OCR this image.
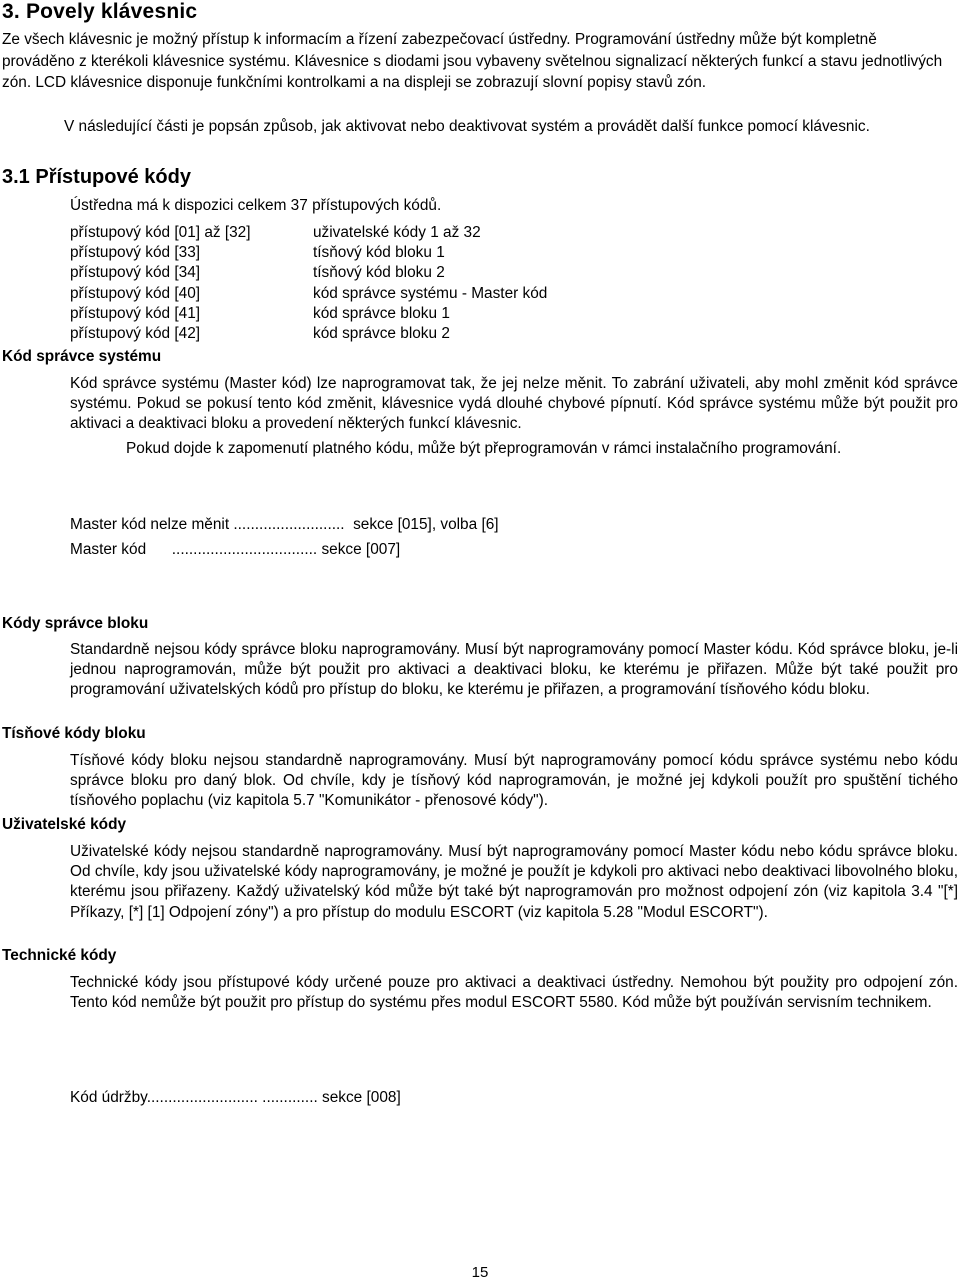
3. Povely klávesnic

Ze všech klávesnic je možný přístup k informacím a řízení zabezpečovací ústředny. Programování ústředny může být kompletně prováděno z kterékoli klávesnice systému. Klávesnice s diodami jsou vybaveny světelnou signalizací některých funkcí a stavu jednotlivých zón. LCD klávesnice disponuje funkčními kontrolkami a na displeji se zobrazují slovní popisy stavů zón.

V následující části je popsán způsob, jak aktivovat nebo deaktivovat systém a provádět další funkce pomocí klávesnic.

3.1 Přístupové kódy
Ústředna má k dispozici celkem 37 přístupových kódů.
přístupový kód [01] až [32]	uživatelské kódy 1 až 32
přístupový kód [33]	tísňový kód bloku 1
přístupový kód [34]	tísňový kód bloku 2
přístupový kód [40]	kód správce systému - Master kód
přístupový kód [41]	kód správce bloku 1
přístupový kód [42]	kód správce bloku 2
Kód správce systému

Kód správce systému (Master kód) lze naprogramovat tak, že jej nelze měnit. To zabrání uživateli, aby mohl změnit kód správce systému. Pokud se pokusí tento kód změnit, klávesnice vydá dlouhé chybové pípnutí. Kód správce systému může být použit pro aktivaci a deaktivaci bloku a provedení některých funkcí klávesnic.

Pokud dojde k zapomenutí platného kódu, může být přeprogramován v rámci instalačního programování.

Master kód nelze měnit ..........................  sekce [015], volba [6]
Master kód      .................................. sekce [007]
Kódy správce bloku

Standardně nejsou kódy správce bloku naprogramovány. Musí být naprogramovány pomocí Master kódu. Kód správce bloku, je-li jednou naprogramován, může být použit pro aktivaci a deaktivaci bloku, ke kterému je přiřazen. Může být také použit pro programování uživatelských kódů pro přístup do bloku, ke kterému je přiřazen, a programování tísňového kódu bloku.

Tísňové kódy bloku

Tísňové kódy bloku nejsou standardně naprogramovány. Musí být naprogramovány pomocí kódu správce systému nebo kódu správce bloku pro daný blok. Od chvíle, kdy je tísňový kód naprogramován, je možné jej kdykoli použít pro spuštění tichého tísňového poplachu (viz kapitola 5.7 "Komunikátor - přenosové kódy").

Uživatelské kódy

Uživatelské kódy nejsou standardně naprogramovány. Musí být naprogramovány pomocí Master kódu nebo kódu správce bloku. Od chvíle, kdy jsou uživatelské kódy naprogramovány, je možné je použít je kdykoli pro aktivaci nebo deaktivaci libovolného bloku, kterému jsou přiřazeny. Každý uživatelský kód může být také být naprogramován pro možnost odpojení zón (viz kapitola 3.4 "[*] Příkazy, [*] [1] Odpojení zóny") a pro přístup do modulu ESCORT (viz kapitola 5.28 "Modul ESCORT").

Technické kódy

Technické kódy jsou přístupové kódy určené pouze pro aktivaci a deaktivaci ústředny. Nemohou být použity pro odpojení zón. Tento kód nemůže být použit pro přístup do systému přes modul ESCORT 5580. Kód může být používán servisním technikem.

Kód údržby.......................... ............. sekce [008]
15
